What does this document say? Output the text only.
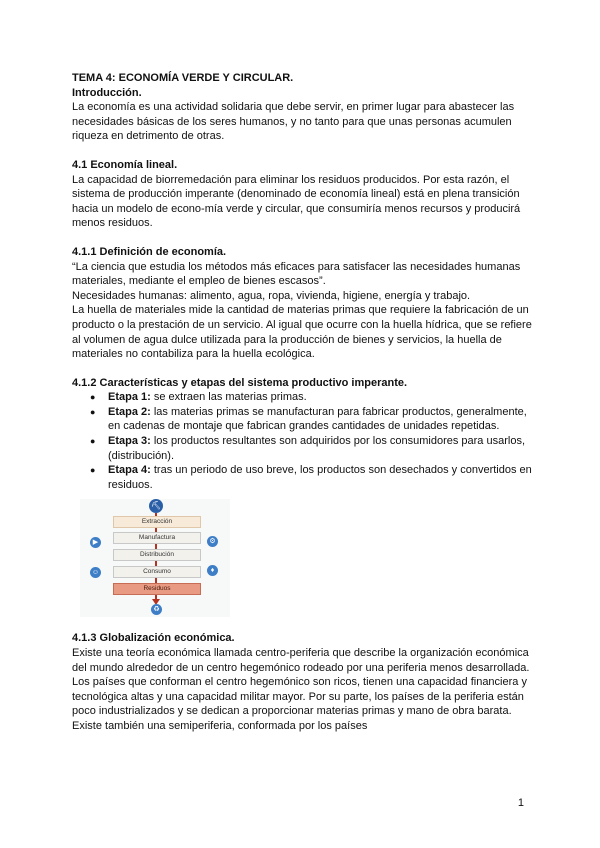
TEMA 4: ECONOMÍA VERDE Y CIRCULAR.

Introducción.

La economía es una actividad solidaria que debe servir, en primer lugar para abastecer las necesidades básicas de los seres humanos, y no tanto para que unas personas acumulen riqueza en detrimento de otras.

4.1 Economía lineal.

La capacidad de biorremedación para eliminar los residuos producidos. Por esta razón, el sistema de producción imperante (denominado de economía lineal) está en plena transición hacia un modelo de econo-mía verde y circular, que consumiría menos recursos y producirá menos residuos.

4.1.1 Definición de economía.

“La ciencia que estudia los métodos más eficaces para satisfacer las necesidades humanas materiales, mediante el empleo de bienes escasos”.

Necesidades humanas: alimento, agua, ropa, vivienda, higiene, energía y trabajo.

La huella de materiales mide la cantidad de materias primas que requiere la fabricación de un producto o la prestación de un servicio. Al igual que ocurre con la huella hídrica, que se refiere al volumen de agua dulce utilizada para la producción de bienes y servicios, la huella de materiales no contabiliza para la huella ecológica.

4.1.2 Características y etapas del sistema productivo imperante.

● Etapa 1: se extraen las materias primas.
● Etapa 2: las materias primas se manufacturan para fabricar productos, generalmente, en cadenas de montaje que fabrican grandes cantidades de unidades repetidas.
● Etapa 3: los productos resultantes son adquiridos por los consumidores para usarlos, (distribución).
● Etapa 4: tras un periodo de uso breve, los productos son desechados y convertidos en residuos.
⛏
Extracción
Manufactura
▶	⚙
Distribución
Consumo
☺	♦
Residuos
♻

4.1.3 Globalización económica.

Existe una teoría económica llamada centro-periferia que describe la organización económica del mundo alrededor de un centro hegemónico rodeado por una periferia menos desarrollada. Los países que conforman el centro hegemónico son ricos, tienen una capacidad financiera y tecnológica altas y una capacidad militar mayor. Por su parte, los países de la periferia están poco industrializados y se dedican a proporcionar materias primas y mano de obra barata. Existe también una semiperiferia, conformada por los países

1
